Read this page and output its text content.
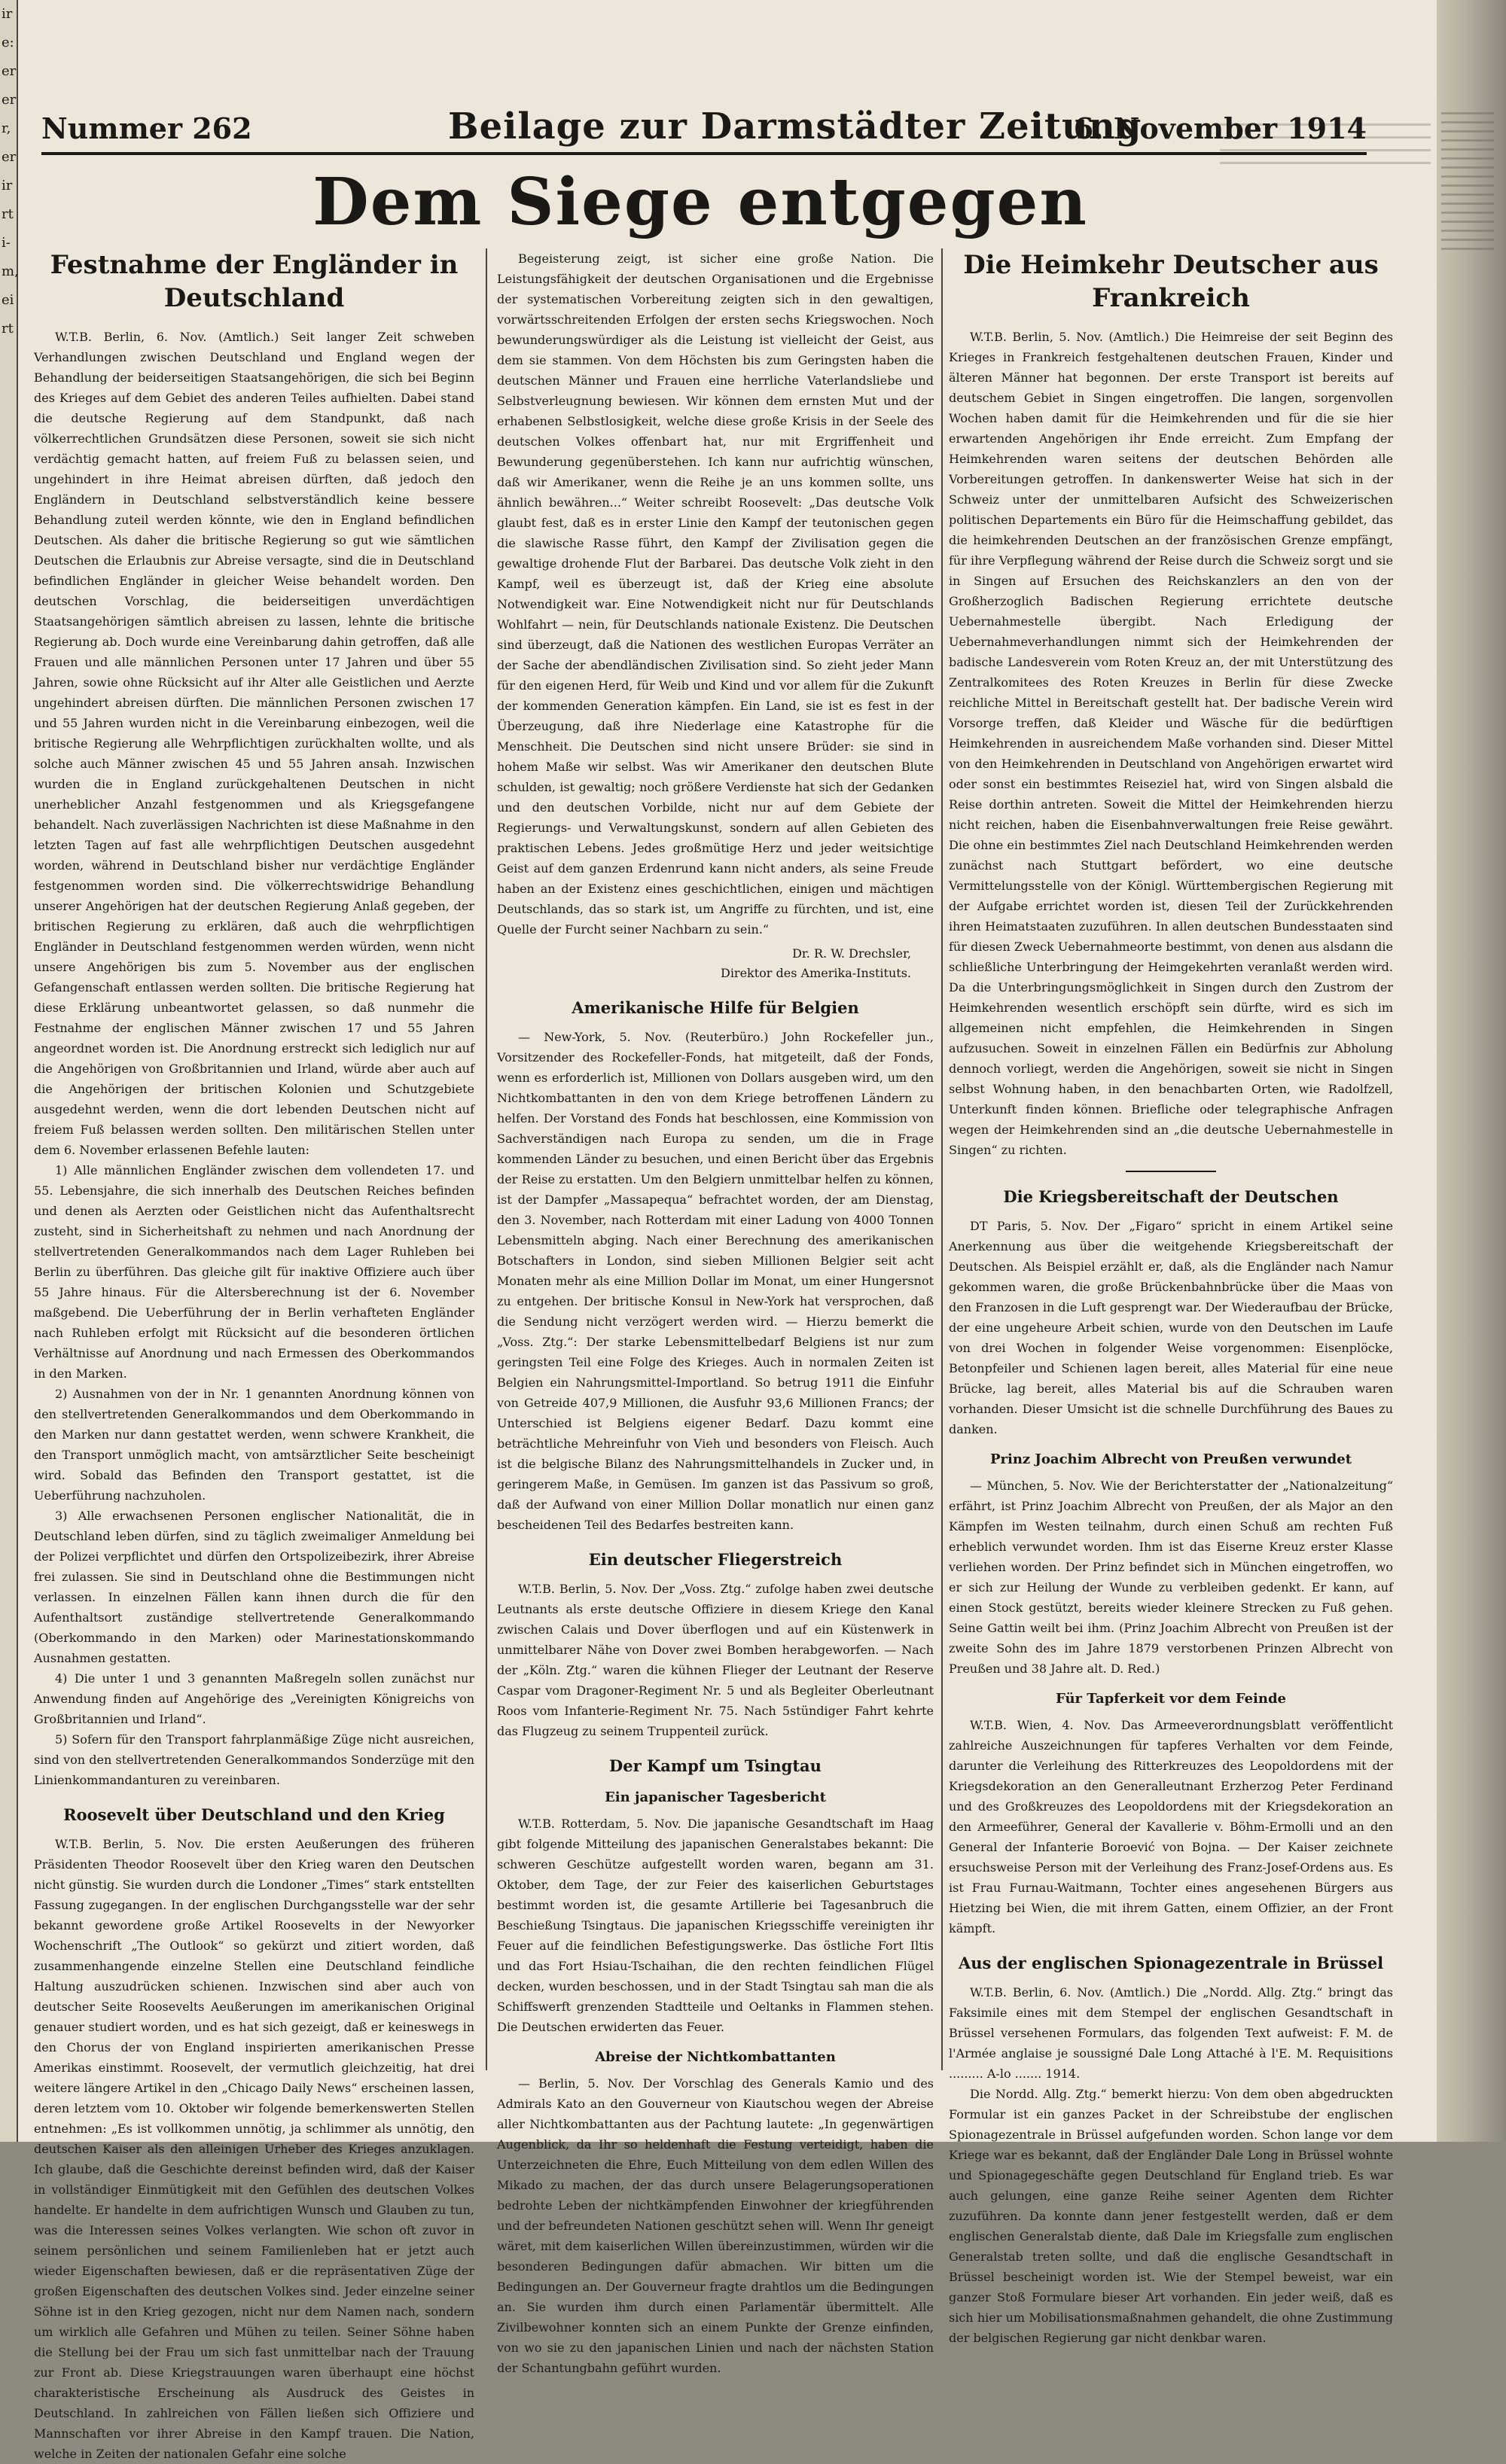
ir
e:
er
er
r,
er
ir
rt
i-
m,
ei
rt
Nummer 262	Beilage zur Darmstädter Zeitung
6. November 1914
Dem Siege entgegen
Festnahme der Engländer in Deutschland

W.T.B. Berlin, 6. Nov. (Amtlich.) Seit langer Zeit schweben Verhandlungen zwischen Deutschland und England wegen der Behandlung der beiderseitigen Staatsangehörigen, die sich bei Beginn des Krieges auf dem Gebiet des anderen Teiles aufhielten. Dabei stand die deutsche Regierung auf dem Standpunkt, daß nach völkerrechtlichen Grundsätzen diese Personen, soweit sie sich nicht verdächtig gemacht hatten, auf freiem Fuß zu belassen seien, und ungehindert in ihre Heimat abreisen dürften, daß jedoch den Engländern in Deutschland selbstverständlich keine bessere Behandlung zuteil werden könnte, wie den in England befindlichen Deutschen. Als daher die britische Regierung so gut wie sämtlichen Deutschen die Erlaubnis zur Abreise versagte, sind die in Deutschland befindlichen Engländer in gleicher Weise behandelt worden. Den deutschen Vorschlag, die beiderseitigen unverdächtigen Staatsangehörigen sämtlich abreisen zu lassen, lehnte die britische Regierung ab. Doch wurde eine Vereinbarung dahin getroffen, daß alle Frauen und alle männlichen Personen unter 17 Jahren und über 55 Jahren, sowie ohne Rücksicht auf ihr Alter alle Geistlichen und Aerzte ungehindert abreisen dürften. Die männlichen Personen zwischen 17 und 55 Jahren wurden nicht in die Vereinbarung einbezogen, weil die britische Regierung alle Wehrpflichtigen zurückhalten wollte, und als solche auch Männer zwischen 45 und 55 Jahren ansah. Inzwischen wurden die in England zurückgehaltenen Deutschen in nicht unerheblicher Anzahl festgenommen und als Kriegsgefangene behandelt. Nach zuverlässigen Nachrichten ist diese Maßnahme in den letzten Tagen auf fast alle wehrpflichtigen Deutschen ausgedehnt worden, während in Deutschland bisher nur verdächtige Engländer festgenommen worden sind. Die völkerrechtswidrige Behandlung unserer Angehörigen hat der deutschen Regierung Anlaß gegeben, der britischen Regierung zu erklären, daß auch die wehrpflichtigen Engländer in Deutschland festgenommen werden würden, wenn nicht unsere Angehörigen bis zum 5. November aus der englischen Gefangenschaft entlassen werden sollten. Die britische Regierung hat diese Erklärung unbeantwortet gelassen, so daß nunmehr die Festnahme der englischen Männer zwischen 17 und 55 Jahren angeordnet worden ist. Die Anordnung erstreckt sich lediglich nur auf die Angehörigen von Großbritannien und Irland, würde aber auch auf die Angehörigen der britischen Kolonien und Schutzgebiete ausgedehnt werden, wenn die dort lebenden Deutschen nicht auf freiem Fuß belassen werden sollten. Den militärischen Stellen unter dem 6. November erlassenen Befehle lauten:

1) Alle männlichen Engländer zwischen dem vollendeten 17. und 55. Lebensjahre, die sich innerhalb des Deutschen Reiches befinden und denen als Aerzten oder Geistlichen nicht das Aufenthaltsrecht zusteht, sind in Sicherheitshaft zu nehmen und nach Anordnung der stellvertretenden Generalkommandos nach dem Lager Ruhleben bei Berlin zu überführen. Das gleiche gilt für inaktive Offiziere auch über 55 Jahre hinaus. Für die Altersberechnung ist der 6. November maßgebend. Die Ueberführung der in Berlin verhafteten Engländer nach Ruhleben erfolgt mit Rücksicht auf die besonderen örtlichen Verhältnisse auf Anordnung und nach Ermessen des Oberkommandos in den Marken.

2) Ausnahmen von der in Nr. 1 genannten Anordnung können von den stellvertretenden Generalkommandos und dem Oberkommando in den Marken nur dann gestattet werden, wenn schwere Krankheit, die den Transport unmöglich macht, von amtsärztlicher Seite bescheinigt wird. Sobald das Befinden den Transport gestattet, ist die Ueberführung nachzuholen.

3) Alle erwachsenen Personen englischer Nationalität, die in Deutschland leben dürfen, sind zu täglich zweimaliger Anmeldung bei der Polizei verpflichtet und dürfen den Ortspolizeibezirk, ihrer Abreise frei zulassen. Sie sind in Deutschland ohne die Bestimmungen nicht verlassen. In einzelnen Fällen kann ihnen durch die für den Aufenthaltsort zuständige stellvertretende Generalkommando (Oberkommando in den Marken) oder Marinestationskommando Ausnahmen gestatten.

4) Die unter 1 und 3 genannten Maßregeln sollen zunächst nur Anwendung finden auf Angehörige des „Vereinigten Königreichs von Großbritannien und Irland“.

5) Sofern für den Transport fahrplanmäßige Züge nicht ausreichen, sind von den stellvertretenden Generalkommandos Sonderzüge mit den Linienkommandanturen zu vereinbaren.

Roosevelt über Deutschland und den Krieg

W.T.B. Berlin, 5. Nov. Die ersten Aeußerungen des früheren Präsidenten Theodor Roosevelt über den Krieg waren den Deutschen nicht günstig. Sie wurden durch die Londoner „Times“ stark entstellten Fassung zugegangen. In der englischen Durchgangsstelle war der sehr bekannt gewordene große Artikel Roosevelts in der Newyorker Wochenschrift „The Outlook“ so gekürzt und zitiert worden, daß zusammenhangende einzelne Stellen eine Deutschland feindliche Haltung auszudrücken schienen. Inzwischen sind aber auch von deutscher Seite Roosevelts Aeußerungen im amerikanischen Original genauer studiert worden, und es hat sich gezeigt, daß er keineswegs in den Chorus der von England inspirierten amerikanischen Presse Amerikas einstimmt. Roosevelt, der vermutlich gleichzeitig, hat drei weitere längere Artikel in den „Chicago Daily News“ erscheinen lassen, deren letztem vom 10. Oktober wir folgende bemerkenswerten Stellen entnehmen: „Es ist vollkommen unnötig, ja schlimmer als unnötig, den deutschen Kaiser als den alleinigen Urheber des Krieges anzuklagen. Ich glaube, daß die Geschichte dereinst befinden wird, daß der Kaiser in vollständiger Einmütigkeit mit den Gefühlen des deutschen Volkes handelte. Er handelte in dem aufrichtigen Wunsch und Glauben zu tun, was die Interessen seines Volkes verlangten. Wie schon oft zuvor in seinem persönlichen und seinem Familienleben hat er jetzt auch wieder Eigenschaften bewiesen, daß er die repräsentativen Züge der großen Eigenschaften des deutschen Volkes sind. Jeder einzelne seiner Söhne ist in den Krieg gezogen, nicht nur dem Namen nach, sondern um wirklich alle Gefahren und Mühen zu teilen. Seiner Söhne haben die Stellung bei der Frau um sich fast unmittelbar nach der Trauung zur Front ab. Diese Kriegstrauungen waren überhaupt eine höchst charakteristische Erscheinung als Ausdruck des Geistes in Deutschland. In zahlreichen von Fällen ließen sich Offiziere und Mannschaften vor ihrer Abreise in den Kampf trauen. Die Nation, welche in Zeiten der nationalen Gefahr eine solche

Begeisterung zeigt, ist sicher eine große Nation. Die Leistungsfähigkeit der deutschen Organisationen und die Ergebnisse der systematischen Vorbereitung zeigten sich in den gewaltigen, vorwärtsschreitenden Erfolgen der ersten sechs Kriegswochen. Noch bewunderungswürdiger als die Leistung ist vielleicht der Geist, aus dem sie stammen. Von dem Höchsten bis zum Geringsten haben die deutschen Männer und Frauen eine herrliche Vaterlandsliebe und Selbstverleugnung bewiesen. Wir können dem ernsten Mut und der erhabenen Selbstlosigkeit, welche diese große Krisis in der Seele des deutschen Volkes offenbart hat, nur mit Ergriffenheit und Bewunderung gegenüberstehen. Ich kann nur aufrichtig wünschen, daß wir Amerikaner, wenn die Reihe je an uns kommen sollte, uns ähnlich bewähren...“ Weiter schreibt Roosevelt: „Das deutsche Volk glaubt fest, daß es in erster Linie den Kampf der teutonischen gegen die slawische Rasse führt, den Kampf der Zivilisation gegen die gewaltige drohende Flut der Barbarei. Das deutsche Volk zieht in den Kampf, weil es überzeugt ist, daß der Krieg eine absolute Notwendigkeit war. Eine Notwendigkeit nicht nur für Deutschlands Wohlfahrt — nein, für Deutschlands nationale Existenz. Die Deutschen sind überzeugt, daß die Nationen des westlichen Europas Verräter an der Sache der abendländischen Zivilisation sind. So zieht jeder Mann für den eigenen Herd, für Weib und Kind und vor allem für die Zukunft der kommenden Generation kämpfen. Ein Land, sie ist es fest in der Überzeugung, daß ihre Niederlage eine Katastrophe für die Menschheit. Die Deutschen sind nicht unsere Brüder: sie sind in hohem Maße wir selbst. Was wir Amerikaner den deutschen Blute schulden, ist gewaltig; noch größere Verdienste hat sich der Gedanken und den deutschen Vorbilde, nicht nur auf dem Gebiete der Regierungs- und Verwaltungskunst, sondern auf allen Gebieten des praktischen Lebens. Jedes großmütige Herz und jeder weitsichtige Geist auf dem ganzen Erdenrund kann nicht anders, als seine Freude haben an der Existenz eines geschichtlichen, einigen und mächtigen Deutschlands, das so stark ist, um Angriffe zu fürchten, und ist, eine Quelle der Furcht seiner Nachbarn zu sein.“

Dr. R. W. Drechsler,
Direktor des Amerika-Instituts.
Amerikanische Hilfe für Belgien

— New-York, 5. Nov. (Reuterbüro.) John Rockefeller jun., Vorsitzender des Rockefeller-Fonds, hat mitgeteilt, daß der Fonds, wenn es erforderlich ist, Millionen von Dollars ausgeben wird, um den Nichtkombattanten in den von dem Kriege betroffenen Ländern zu helfen. Der Vorstand des Fonds hat beschlossen, eine Kommission von Sachverständigen nach Europa zu senden, um die in Frage kommenden Länder zu besuchen, und einen Bericht über das Ergebnis der Reise zu erstatten. Um den Belgiern unmittelbar helfen zu können, ist der Dampfer „Massapequa“ befrachtet worden, der am Dienstag, den 3. November, nach Rotterdam mit einer Ladung von 4000 Tonnen Lebensmitteln abging. Nach einer Berechnung des amerikanischen Botschafters in London, sind sieben Millionen Belgier seit acht Monaten mehr als eine Million Dollar im Monat, um einer Hungersnot zu entgehen. Der britische Konsul in New-York hat versprochen, daß die Sendung nicht verzögert werden wird. — Hierzu bemerkt die „Voss. Ztg.“: Der starke Lebensmittelbedarf Belgiens ist nur zum geringsten Teil eine Folge des Krieges. Auch in normalen Zeiten ist Belgien ein Nahrungsmittel-Importland. So betrug 1911 die Einfuhr von Getreide 407,9 Millionen, die Ausfuhr 93,6 Millionen Francs; der Unterschied ist Belgiens eigener Bedarf. Dazu kommt eine beträchtliche Mehreinfuhr von Vieh und besonders von Fleisch. Auch ist die belgische Bilanz des Nahrungsmittelhandels in Zucker und, in geringerem Maße, in Gemüsen. Im ganzen ist das Passivum so groß, daß der Aufwand von einer Million Dollar monatlich nur einen ganz bescheidenen Teil des Bedarfes bestreiten kann.

Ein deutscher Fliegerstreich

W.T.B. Berlin, 5. Nov. Der „Voss. Ztg.“ zufolge haben zwei deutsche Leutnants als erste deutsche Offiziere in diesem Kriege den Kanal zwischen Calais und Dover überflogen und auf ein Küstenwerk in unmittelbarer Nähe von Dover zwei Bomben herabgeworfen. — Nach der „Köln. Ztg.“ waren die kühnen Flieger der Leutnant der Reserve Caspar vom Dragoner-Regiment Nr. 5 und als Begleiter Oberleutnant Roos vom Infanterie-Regiment Nr. 75. Nach 5stündiger Fahrt kehrte das Flugzeug zu seinem Truppenteil zurück.

Der Kampf um Tsingtau
Ein japanischer Tagesbericht

W.T.B. Rotterdam, 5. Nov. Die japanische Gesandtschaft im Haag gibt folgende Mitteilung des japanischen Generalstabes bekannt: Die schweren Geschütze aufgestellt worden waren, begann am 31. Oktober, dem Tage, der zur Feier des kaiserlichen Geburtstages bestimmt worden ist, die gesamte Artillerie bei Tagesanbruch die Beschießung Tsingtaus. Die japanischen Kriegsschiffe vereinigten ihr Feuer auf die feindlichen Befestigungswerke. Das östliche Fort Iltis und das Fort Hsiau-Tschaihan, die den rechten feindlichen Flügel decken, wurden beschossen, und in der Stadt Tsingtau sah man die als Schiffswerft grenzenden Stadtteile und Oeltanks in Flammen stehen. Die Deutschen erwiderten das Feuer.

Abreise der Nichtkombattanten

— Berlin, 5. Nov. Der Vorschlag des Generals Kamio und des Admirals Kato an den Gouverneur von Kiautschou wegen der Abreise aller Nichtkombattanten aus der Pachtung lautete: „In gegenwärtigen Augenblick, da Ihr so heldenhaft die Festung verteidigt, haben die Unterzeichneten die Ehre, Euch Mitteilung von dem edlen Willen des Mikado zu machen, der das durch unsere Belagerungsoperationen bedrohte Leben der nichtkämpfenden Einwohner der kriegführenden und der befreundeten Nationen geschützt sehen will. Wenn Ihr geneigt wäret, mit dem kaiserlichen Willen übereinzustimmen, würden wir die besonderen Bedingungen dafür abmachen. Wir bitten um die Bedingungen an. Der Gouverneur fragte drahtlos um die Bedingungen an. Sie wurden ihm durch einen Parlamentär übermittelt. Alle Zivilbewohner konnten sich an einem Punkte der Grenze einfinden, von wo sie zu den japanischen Linien und nach der nächsten Station der Schantungbahn geführt wurden.

Die Heimkehr Deutscher aus Frankreich

W.T.B. Berlin, 5. Nov. (Amtlich.) Die Heimreise der seit Beginn des Krieges in Frankreich festgehaltenen deutschen Frauen, Kinder und älteren Männer hat begonnen. Der erste Transport ist bereits auf deutschem Gebiet in Singen eingetroffen. Die langen, sorgenvollen Wochen haben damit für die Heimkehrenden und für die sie hier erwartenden Angehörigen ihr Ende erreicht. Zum Empfang der Heimkehrenden waren seitens der deutschen Behörden alle Vorbereitungen getroffen. In dankenswerter Weise hat sich in der Schweiz unter der unmittelbaren Aufsicht des Schweizerischen politischen Departements ein Büro für die Heimschaffung gebildet, das die heimkehrenden Deutschen an der französischen Grenze empfängt, für ihre Verpflegung während der Reise durch die Schweiz sorgt und sie in Singen auf Ersuchen des Reichskanzlers an den von der Großherzoglich Badischen Regierung errichtete deutsche Uebernahmestelle übergibt. Nach Erledigung der Uebernahmeverhandlungen nimmt sich der Heimkehrenden der badische Landesverein vom Roten Kreuz an, der mit Unterstützung des Zentralkomitees des Roten Kreuzes in Berlin für diese Zwecke reichliche Mittel in Bereitschaft gestellt hat. Der badische Verein wird Vorsorge treffen, daß Kleider und Wäsche für die bedürftigen Heimkehrenden in ausreichendem Maße vorhanden sind. Dieser Mittel von den Heimkehrenden in Deutschland von Angehörigen erwartet wird oder sonst ein bestimmtes Reiseziel hat, wird von Singen alsbald die Reise dorthin antreten. Soweit die Mittel der Heimkehrenden hierzu nicht reichen, haben die Eisenbahnverwaltungen freie Reise gewährt. Die ohne ein bestimmtes Ziel nach Deutschland Heimkehrenden werden zunächst nach Stuttgart befördert, wo eine deutsche Vermittelungsstelle von der Königl. Württembergischen Regierung mit der Aufgabe errichtet worden ist, diesen Teil der Zurückkehrenden ihren Heimatstaaten zuzuführen. In allen deutschen Bundesstaaten sind für diesen Zweck Uebernahmeorte bestimmt, von denen aus alsdann die schließliche Unterbringung der Heimgekehrten veranlaßt werden wird. Da die Unterbringungsmöglichkeit in Singen durch den Zustrom der Heimkehrenden wesentlich erschöpft sein dürfte, wird es sich im allgemeinen nicht empfehlen, die Heimkehrenden in Singen aufzusuchen. Soweit in einzelnen Fällen ein Bedürfnis zur Abholung dennoch vorliegt, werden die Angehörigen, soweit sie nicht in Singen selbst Wohnung haben, in den benachbarten Orten, wie Radolfzell, Unterkunft finden können. Briefliche oder telegraphische Anfragen wegen der Heimkehrenden sind an „die deutsche Uebernahmestelle in Singen“ zu richten.

Die Kriegsbereitschaft der Deutschen

DT Paris, 5. Nov. Der „Figaro“ spricht in einem Artikel seine Anerkennung aus über die weitgehende Kriegsbereitschaft der Deutschen. Als Beispiel erzählt er, daß, als die Engländer nach Namur gekommen waren, die große Brückenbahnbrücke über die Maas von den Franzosen in die Luft gesprengt war. Der Wiederaufbau der Brücke, der eine ungeheure Arbeit schien, wurde von den Deutschen im Laufe von drei Wochen in folgender Weise vorgenommen: Eisenplöcke, Betonpfeiler und Schienen lagen bereit, alles Material für eine neue Brücke, lag bereit, alles Material bis auf die Schrauben waren vorhanden. Dieser Umsicht ist die schnelle Durchführung des Baues zu danken.

Prinz Joachim Albrecht von Preußen verwundet

— München, 5. Nov. Wie der Berichterstatter der „Nationalzeitung“ erfährt, ist Prinz Joachim Albrecht von Preußen, der als Major an den Kämpfen im Westen teilnahm, durch einen Schuß am rechten Fuß erheblich verwundet worden. Ihm ist das Eiserne Kreuz erster Klasse verliehen worden. Der Prinz befindet sich in München eingetroffen, wo er sich zur Heilung der Wunde zu verbleiben gedenkt. Er kann, auf einen Stock gestützt, bereits wieder kleinere Strecken zu Fuß gehen. Seine Gattin weilt bei ihm. (Prinz Joachim Albrecht von Preußen ist der zweite Sohn des im Jahre 1879 verstorbenen Prinzen Albrecht von Preußen und 38 Jahre alt. D. Red.)

Für Tapferkeit vor dem Feinde

W.T.B. Wien, 4. Nov. Das Armeeverordnungsblatt veröffentlicht zahlreiche Auszeichnungen für tapferes Verhalten vor dem Feinde, darunter die Verleihung des Ritterkreuzes des Leopoldordens mit der Kriegsdekoration an den Generalleutnant Erzherzog Peter Ferdinand und des Großkreuzes des Leopoldordens mit der Kriegsdekoration an den Armeeführer, General der Kavallerie v. Böhm-Ermolli und an den General der Infanterie Boroević von Bojna. — Der Kaiser zeichnete ersuchsweise Person mit der Verleihung des Franz-Josef-Ordens aus. Es ist Frau Furnau-Waitmann, Tochter eines angesehenen Bürgers aus Hietzing bei Wien, die mit ihrem Gatten, einem Offizier, an der Front kämpft.

Aus der englischen Spionagezentrale in Brüssel

W.T.B. Berlin, 6. Nov. (Amtlich.) Die „Nordd. Allg. Ztg.“ bringt das Faksimile eines mit dem Stempel der englischen Gesandtschaft in Brüssel versehenen Formulars, das folgenden Text aufweist: F. M. de l'Armée anglaise je soussigné Dale Long Attaché à l'E. M. Requisitions ......... A-lo ....... 1914.

Die Nordd. Allg. Ztg.“ bemerkt hierzu: Von dem oben abgedruckten Formular ist ein ganzes Packet in der Schreibstube der englischen Spionagezentrale in Brüssel aufgefunden worden. Schon lange vor dem Kriege war es bekannt, daß der Engländer Dale Long in Brüssel wohnte und Spionagegeschäfte gegen Deutschland für England trieb. Es war auch gelungen, eine ganze Reihe seiner Agenten dem Richter zuzuführen. Da konnte dann jener festgestellt werden, daß er dem englischen Generalstab diente, daß Dale im Kriegsfalle zum englischen Generalstab treten sollte, und daß die englische Gesandtschaft in Brüssel bescheinigt worden ist. Wie der Stempel beweist, war ein ganzer Stoß Formulare bieser Art vorhanden. Ein jeder weiß, daß es sich hier um Mobilisationsmaßnahmen gehandelt, die ohne Zustimmung der belgischen Regierung gar nicht denkbar waren.
